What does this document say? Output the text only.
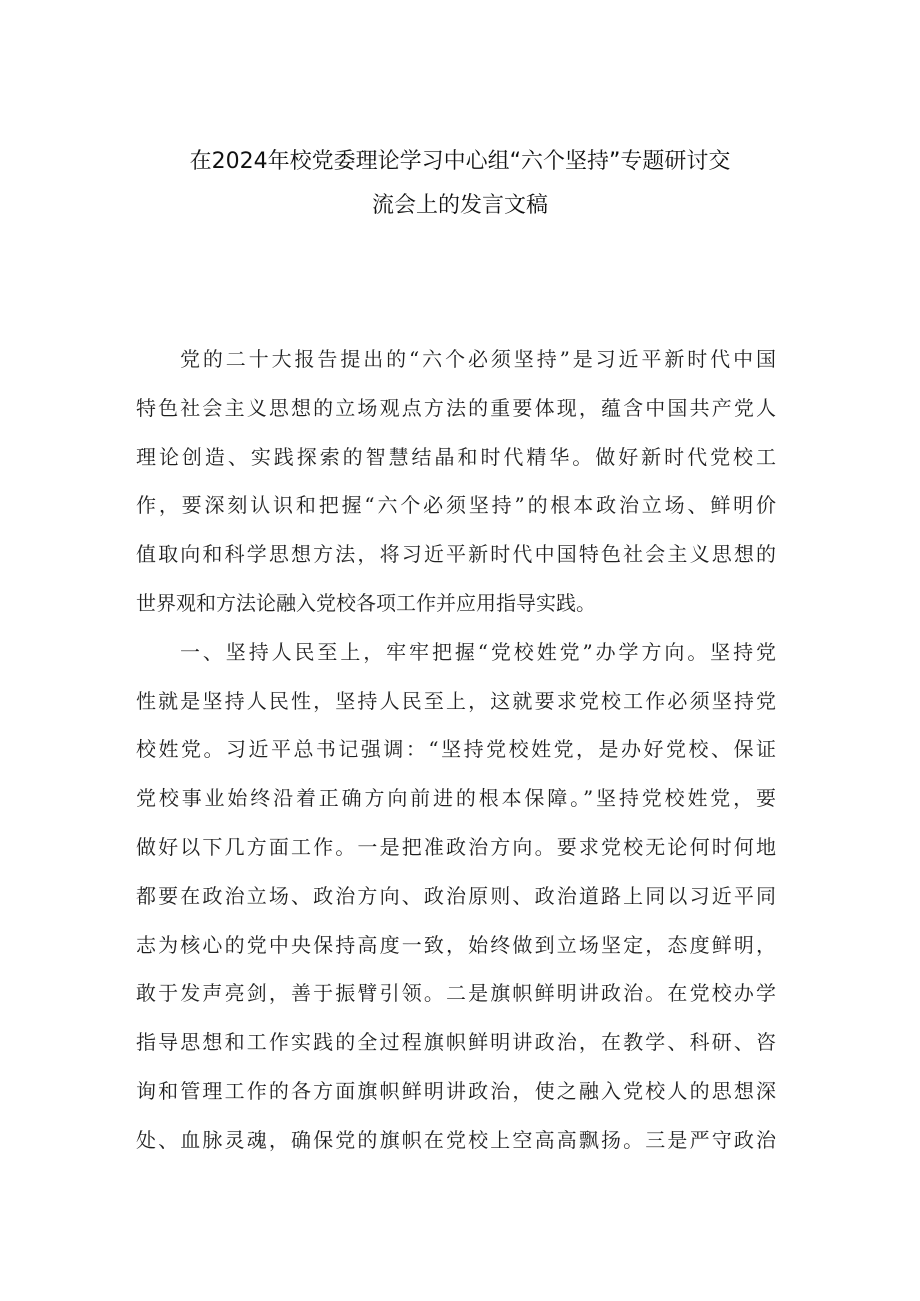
在2024年校党委理论学习中心组“六个坚持”专题研讨交
流会上的发言文稿
党的二十大报告提出的“六个必须坚持”是习近平新时代中国
特色社会主义思想的立场观点方法的重要体现，蕴含中国共产党人
理论创造、实践探索的智慧结晶和时代精华。做好新时代党校工
作，要深刻认识和把握“六个必须坚持”的根本政治立场、鲜明价
值取向和科学思想方法，将习近平新时代中国特色社会主义思想的
世界观和方法论融入党校各项工作并应用指导实践。
一、坚持人民至上，牢牢把握“党校姓党”办学方向。坚持党
性就是坚持人民性，坚持人民至上，这就要求党校工作必须坚持党
校姓党。习近平总书记强调：“坚持党校姓党，是办好党校、保证
党校事业始终沿着正确方向前进的根本保障。”坚持党校姓党，要
做好以下几方面工作。一是把准政治方向。要求党校无论何时何地
都要在政治立场、政治方向、政治原则、政治道路上同以习近平同
志为核心的党中央保持高度一致，始终做到立场坚定，态度鲜明，
敢于发声亮剑，善于振臂引领。二是旗帜鲜明讲政治。在党校办学
指导思想和工作实践的全过程旗帜鲜明讲政治，在教学、科研、咨
询和管理工作的各方面旗帜鲜明讲政治，使之融入党校人的思想深
处、血脉灵魂，确保党的旗帜在党校上空高高飘扬。三是严守政治
